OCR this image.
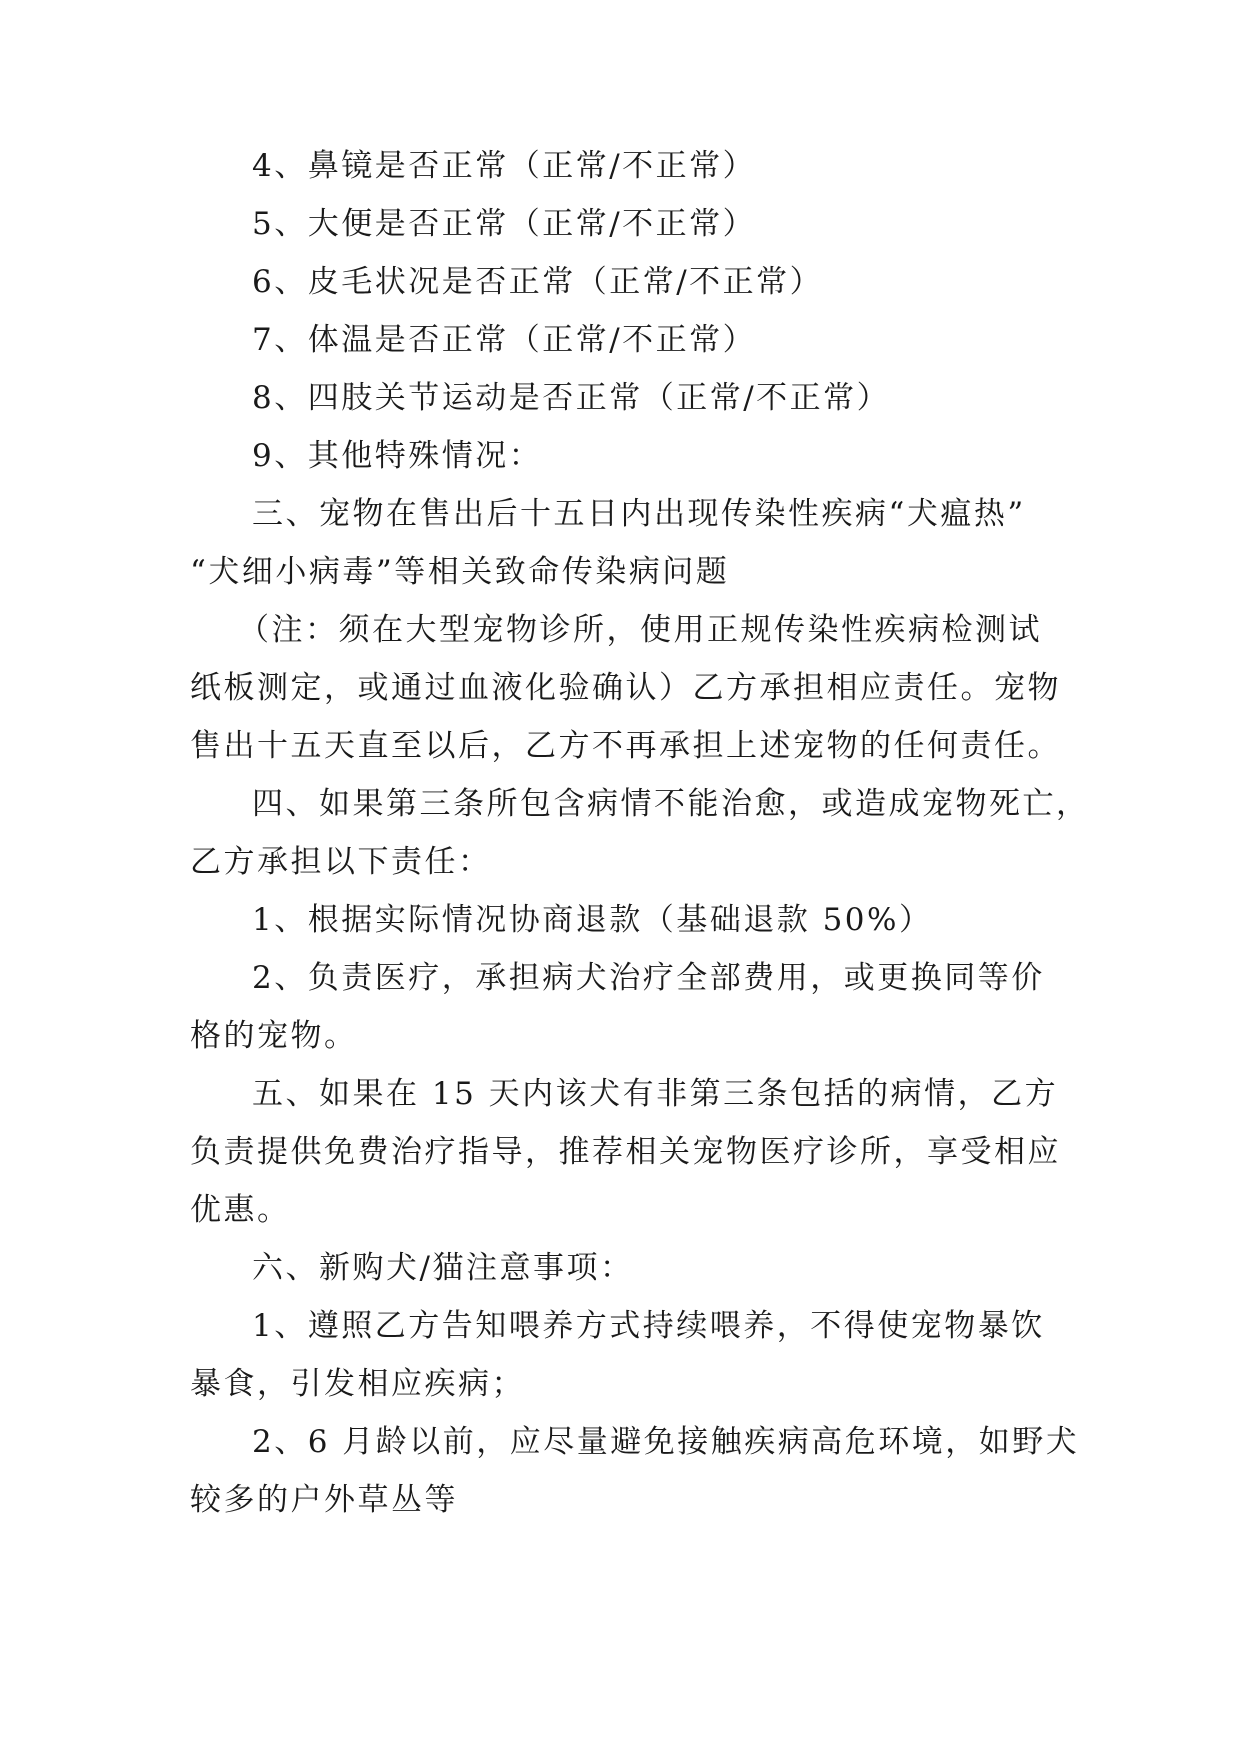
4、鼻镜是否正常（正常/不正常）
5、大便是否正常（正常/不正常）
6、皮毛状况是否正常（正常/不正常）
7、体温是否正常（正常/不正常）
8、四肢关节运动是否正常（正常/不正常）
9、其他特殊情况：
三、宠物在售出后十五日内出现传染性疾病“犬瘟热”
“犬细小病毒”等相关致命传染病问题
（注：须在大型宠物诊所，使用正规传染性疾病检测试
纸板测定，或通过血液化验确认）乙方承担相应责任。宠物
售出十五天直至以后，乙方不再承担上述宠物的任何责任。
四、如果第三条所包含病情不能治愈，或造成宠物死亡，
乙方承担以下责任：
1、根据实际情况协商退款（基础退款 50%）
2、负责医疗，承担病犬治疗全部费用，或更换同等价
格的宠物。
五、如果在 15 天内该犬有非第三条包括的病情，乙方
负责提供免费治疗指导，推荐相关宠物医疗诊所，享受相应
优惠。
六、新购犬/猫注意事项：
1、遵照乙方告知喂养方式持续喂养，不得使宠物暴饮
暴食，引发相应疾病；
2、6 月龄以前，应尽量避免接触疾病高危环境，如野犬
较多的户外草丛等
